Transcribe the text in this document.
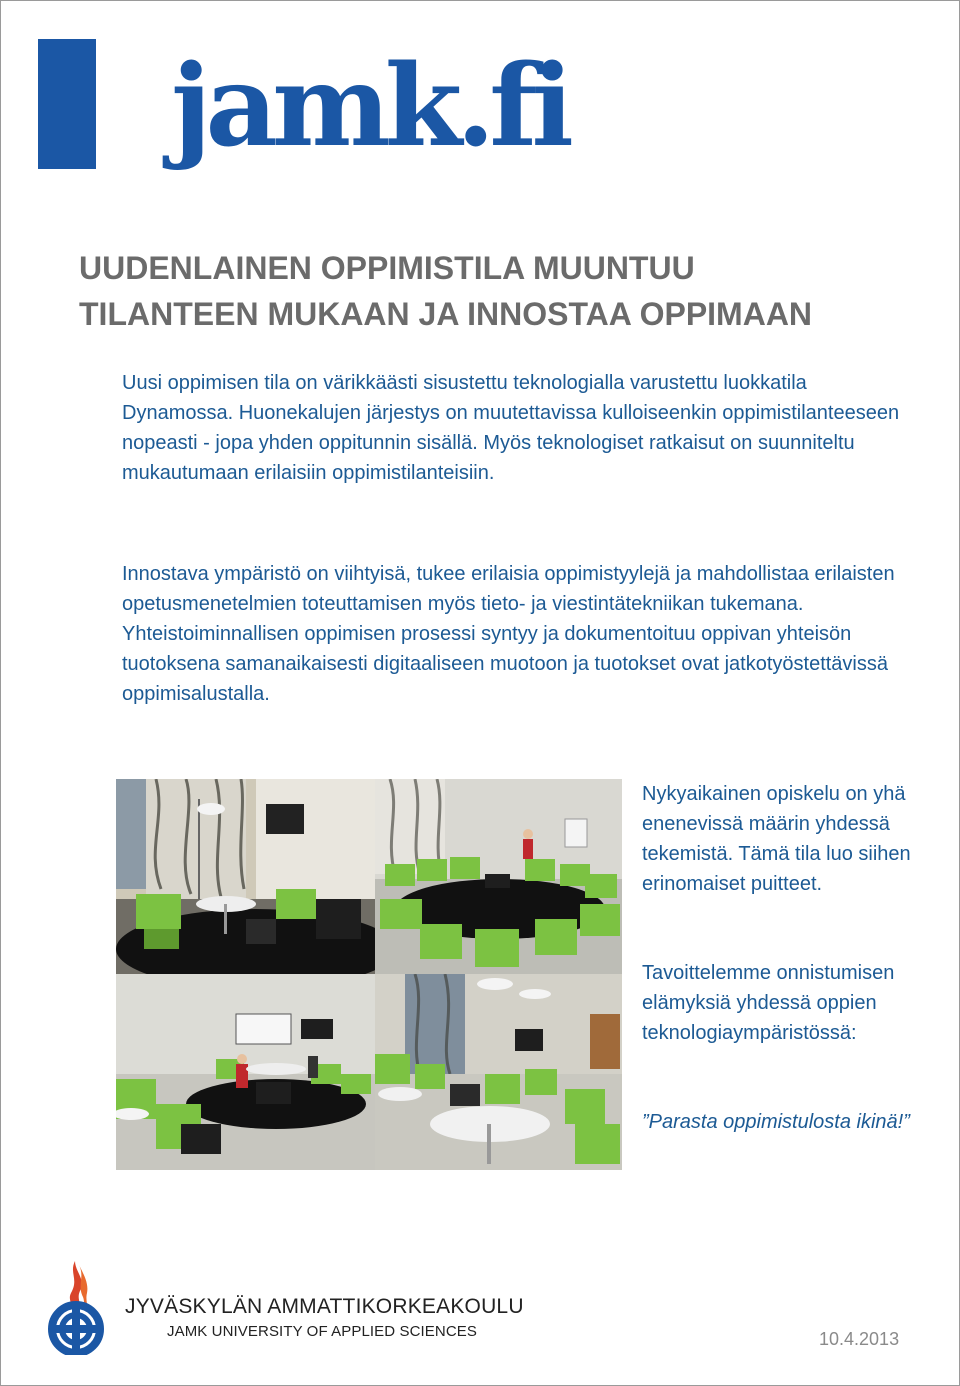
jamk.fi
UUDENLAINEN OPPIMISTILA MUUNTUU
TILANTEEN MUKAAN JA INNOSTAA OPPIMAAN

Uusi oppimisen tila on värikkäästi sisustettu teknologialla varustettu luokkatila Dynamossa. Huonekalujen järjestys on muutettavissa kulloiseenkin oppimistilanteeseen nopeasti - jopa yhden oppitunnin sisällä. Myös teknologiset ratkaisut on suunniteltu mukautumaan erilaisiin oppimistilanteisiin.

Innostava ympäristö on viihtyisä, tukee erilaisia oppimistyylejä ja mahdollistaa erilaisten opetusmenetelmien toteuttamisen myös tieto- ja viestintätekniikan tukemana. Yhteistoiminnallisen oppimisen prosessi syntyy ja dokumentoituu oppivan yhteisön tuotoksena samanaikaisesti digitaaliseen muotoon ja tuotokset ovat jatkotyöstettävissä oppimisalustalla.

Nykyaikainen opiskelu on yhä enenevissä määrin yhdessä tekemistä. Tämä tila luo siihen erinomaiset puitteet.

Tavoittelemme onnistumisen elämyksiä yhdessä oppien teknologiaympäristössä:

”Parasta oppimistulosta ikinä!”

JYVÄSKYLÄN AMMATTIKORKEAKOULU
JAMK UNIVERSITY OF APPLIED SCIENCES	10.4.2013
